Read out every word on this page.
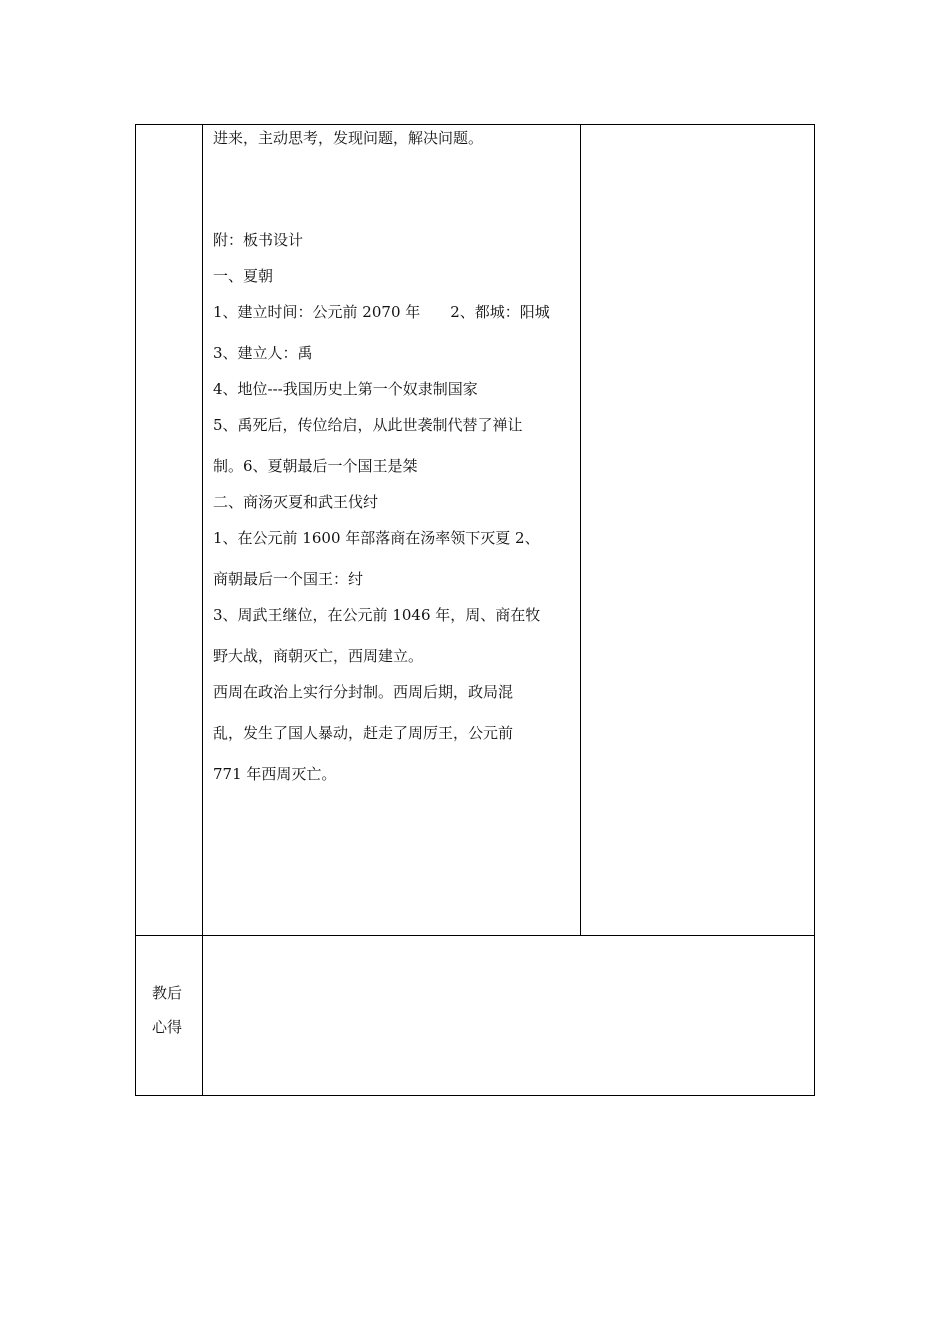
进来，主动思考，发现问题，解决问题。
附：板书设计
一、夏朝
1、建立时间：公元前 2070 年　　2、都城：阳城
3、建立人：禹
4、地位---我国历史上第一个奴隶制国家
5、禹死后，传位给启，从此世袭制代替了禅让
制。6、夏朝最后一个国王是桀
二、商汤灭夏和武王伐纣
1、在公元前 1600 年部落商在汤率领下灭夏 2、
商朝最后一个国王：纣
3、周武王继位，在公元前 1046 年，周、商在牧
野大战，商朝灭亡，西周建立。
西周在政治上实行分封制。西周后期，政局混
乱，发生了国人暴动，赶走了周厉王，公元前
771 年西周灭亡。
教后
心得
